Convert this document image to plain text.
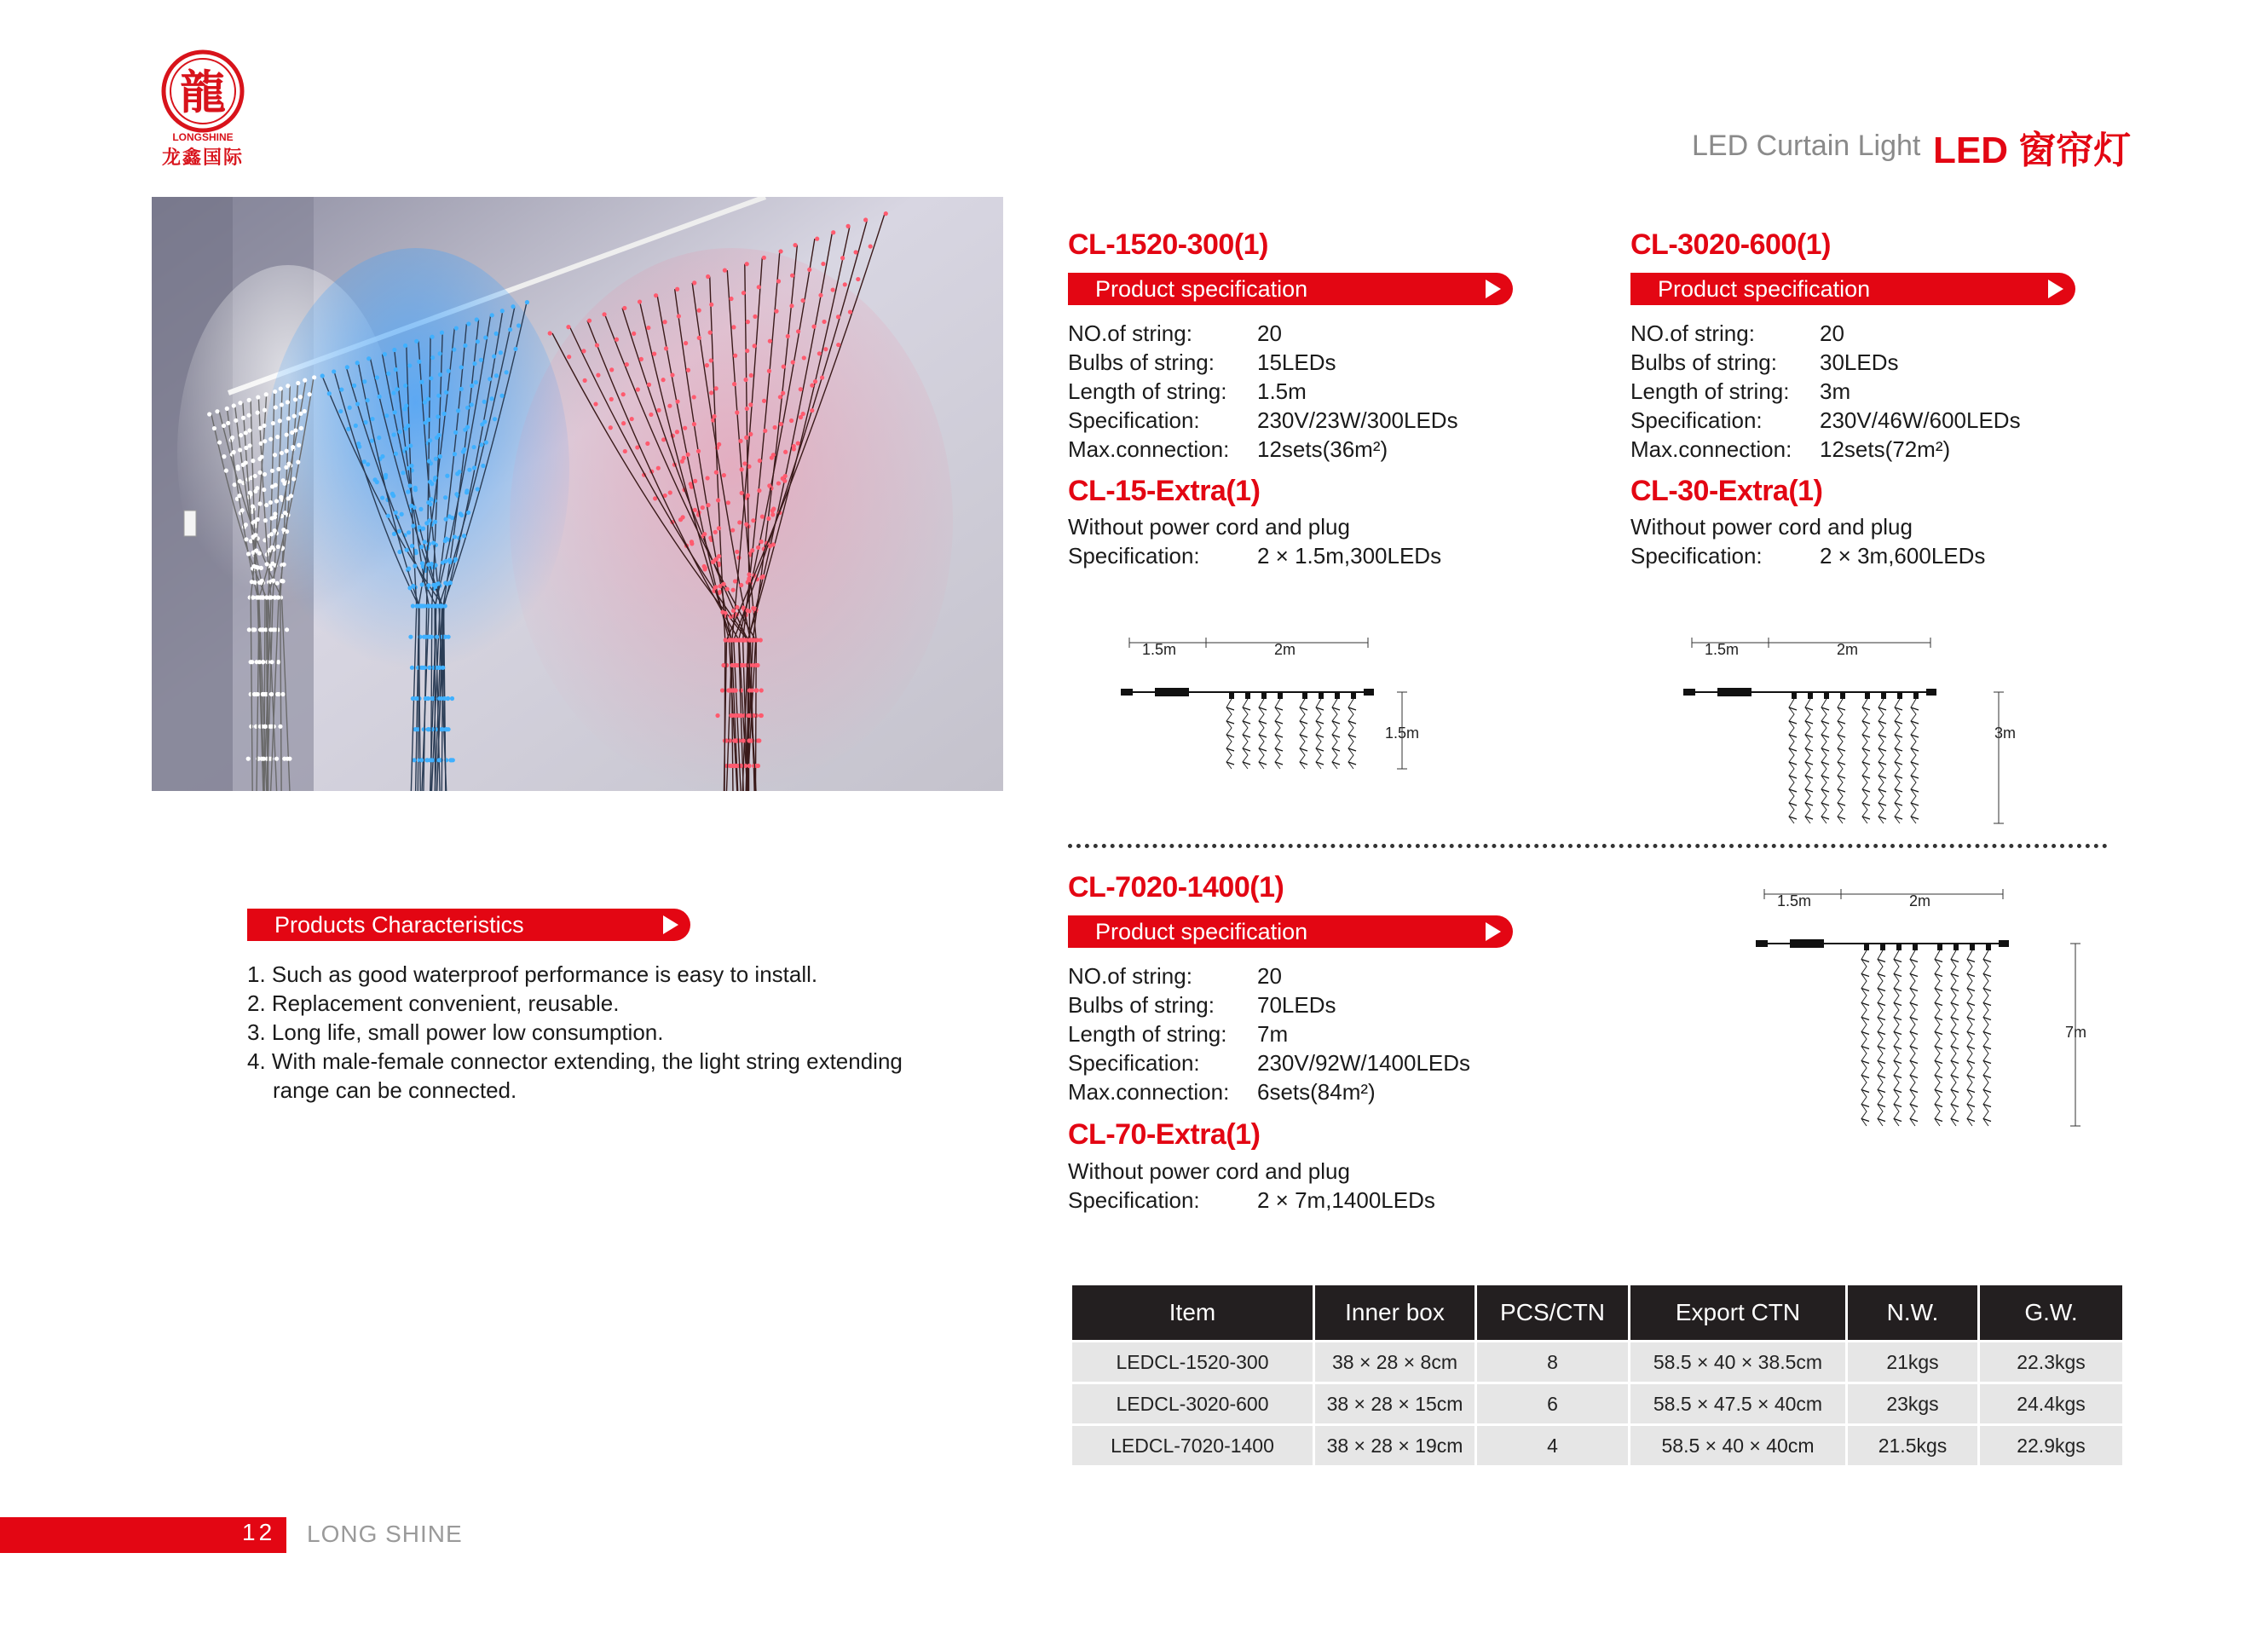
龍
LONGSHINE
龙鑫国际	LED Curtain Light LED 窗帘灯
CL-1520-300(1)
Product specification
NO.of string:	20
Bulbs of string: 15LEDs
Length of string: 1.5m
Specification:	230V/23W/300LEDs
Max.connection: 12sets(36m²)
CL-15-Extra(1)
Without power cord and plug
Specification:	2 × 1.5m,300LEDs
CL-3020-600(1)
Product specification
NO.of string:	20
Bulbs of string: 30LEDs
Length of string: 3m
Specification:	230V/46W/600LEDs
Max.connection: 12sets(72m²)
CL-30-Extra(1)
Without power cord and plug
Specification:	2 × 3m,600LEDs
1.5m	2m
1.5m
1.5m	2m
3m
CL-7020-1400(1)
Product specification
NO.of string:	20
Bulbs of string: 70LEDs
Length of string: 7m
Specification:	230V/92W/1400LEDs
Max.connection: 6sets(84m²)
CL-70-Extra(1)
Without power cord and plug
Specification:	2 × 7m,1400LEDs
1.5m	2m
7m
Products Characteristics
1. Such as good waterproof performance is easy to install.
2. Replacement convenient, reusable.
3. Long life, small power low consumption.
4. With male-female connector extending, the light string extending
range can be connected.
Item	Inner box	PCS/CTN	Export CTN	N.W.	G.W.
LEDCL-1520-300	38 × 28 × 8cm	8	58.5 × 40 × 38.5cm	21kgs	22.3kgs
LEDCL-3020-600	38 × 28 × 15cm	6	58.5 × 47.5 × 40cm	23kgs	24.4kgs
LEDCL-7020-1400	38 × 28 × 19cm	4	58.5 × 40 × 40cm	21.5kgs	22.9kgs
12 LONG SHINE
